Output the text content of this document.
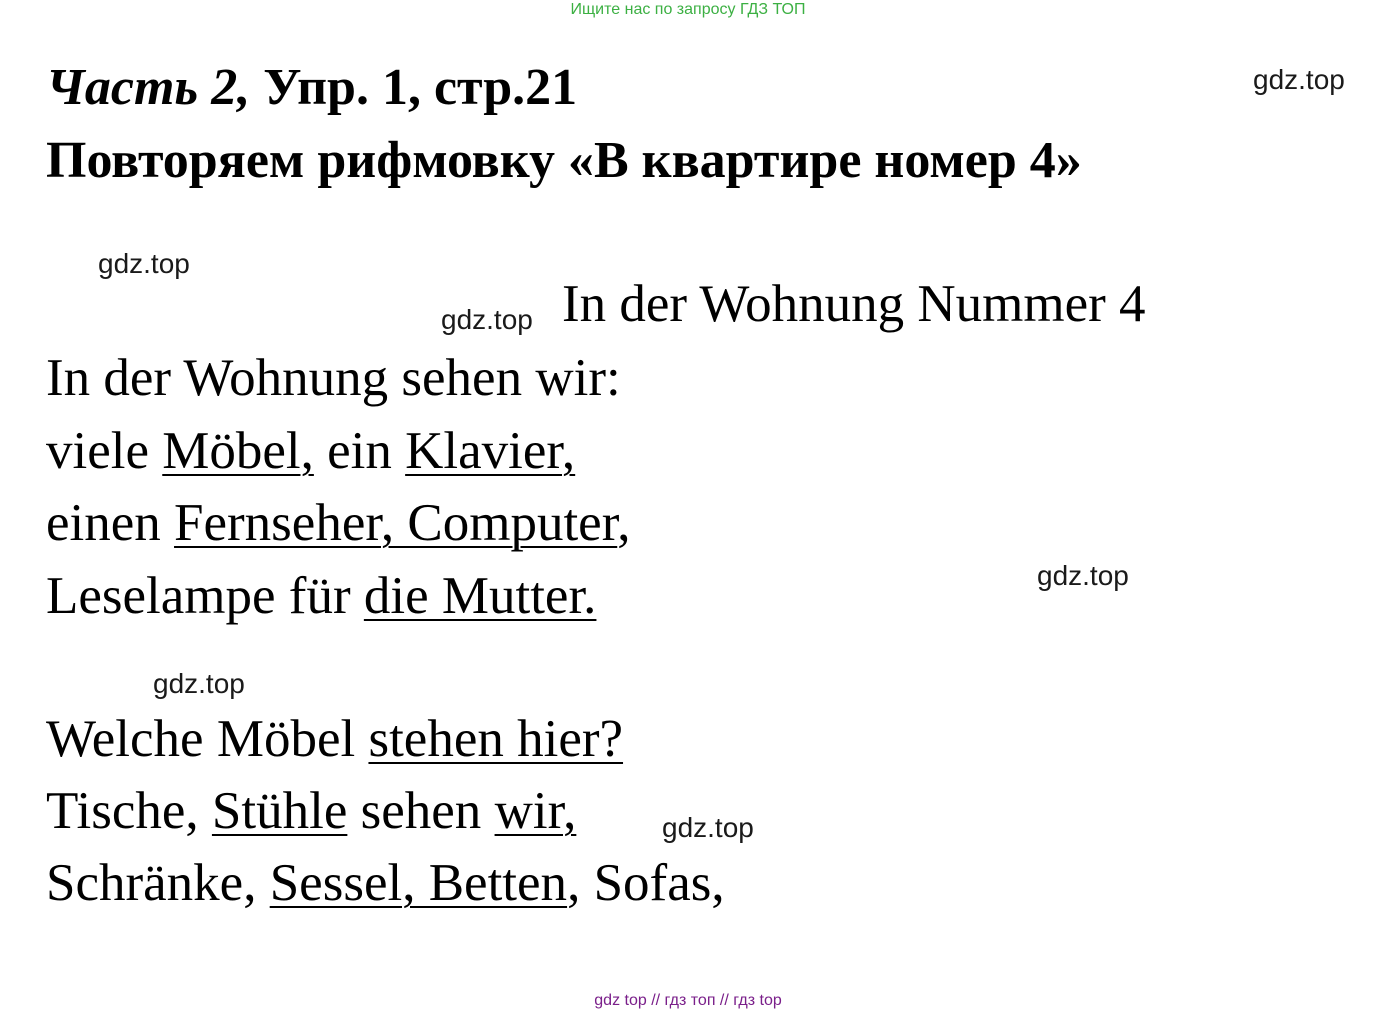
Ищите нас по запросу ГДЗ ТОП
Часть 2, Упр. 1, стр.21
Повторяем рифмовку «В квартире номер 4»
gdz.top
gdz.top
gdz.top
gdz.top
gdz.top
gdz.top
In der Wohnung Nummer 4
In der Wohnung sehen wir:
viele Möbel, ein Klavier,
einen Fernseher, Computer,
Leselampe für die Mutter.
Welche Möbel stehen hier?
Tische, Stühle sehen wir,
Schränke, Sessel, Betten, Sofas,
gdz top // гдз топ // гдз top
